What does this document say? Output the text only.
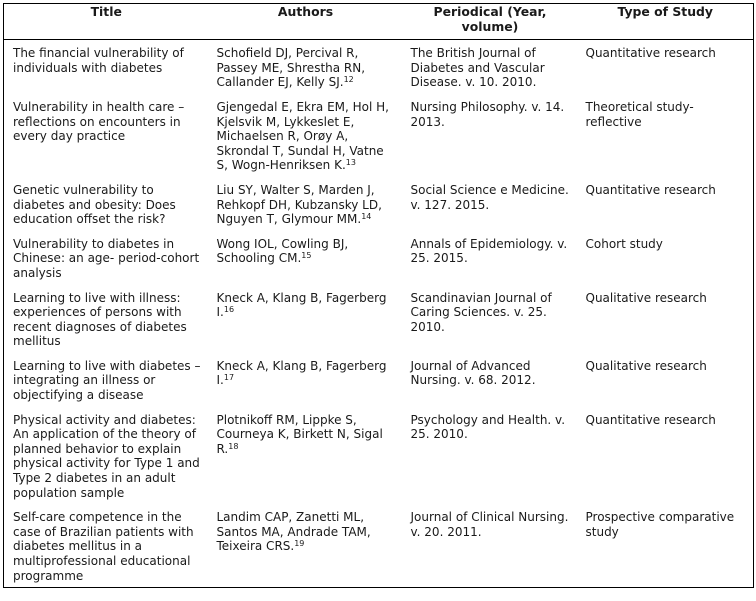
Title	Authors	Periodical (Year, volume)	Type of Study
The financial vulnerability of individuals with diabetes	Schofield DJ, Percival R, Passey ME, Shrestha RN, Callander EJ, Kelly SJ.$^{12}$	The British Journal of Diabetes and Vascular Disease. v. 10. 2010.	Quantitative research
Vulnerability in health care – reflections on encounters in every day practice	Gjengedal E, Ekra EM, Hol H, Kjelsvik M, Lykkeslet E, Michaelsen R, Orøy A, Skrondal T, Sundal H, Vatne S, Wogn-Henriksen K.$^{13}$	Nursing Philosophy. v. 14. 2013.	Theoretical study-reflective
Genetic vulnerability to diabetes and obesity: Does education offset the risk?	Liu SY, Walter S, Marden J, Rehkopf DH, Kubzansky LD, Nguyen T, Glymour MM.$^{14}$	Social Science e Medicine. v. 127. 2015.	Quantitative research
Vulnerability to diabetes in Chinese: an age- period-cohort analysis	Wong IOL, Cowling BJ, Schooling CM.$^{15}$	Annals of Epidemiology. v. 25. 2015.	Cohort study
Learning to live with illness: experiences of persons with recent diagnoses of diabetes mellitus	Kneck A, Klang B, Fagerberg I.$^{16}$	Scandinavian Journal of Caring Sciences. v. 25. 2010.	Qualitative research
Learning to live with diabetes – integrating an illness or objectifying a disease	Kneck A, Klang B, Fagerberg I.$^{17}$	Journal of Advanced Nursing. v. 68. 2012.	Qualitative research
Physical activity and diabetes: An application of the theory of planned behavior to explain physical activity for Type 1 and Type 2 diabetes in an adult population sample	Plotnikoff RM, Lippke S, Courneya K, Birkett N, Sigal R.$^{18}$	Psychology and Health. v. 25. 2010.	Quantitative research
Self-care competence in the case of Brazilian patients with diabetes mellitus in a multiprofessional educational programme	Landim CAP, Zanetti ML, Santos MA, Andrade TAM, Teixeira CRS.$^{19}$	Journal of Clinical Nursing. v. 20. 2011.	Prospective comparative study
